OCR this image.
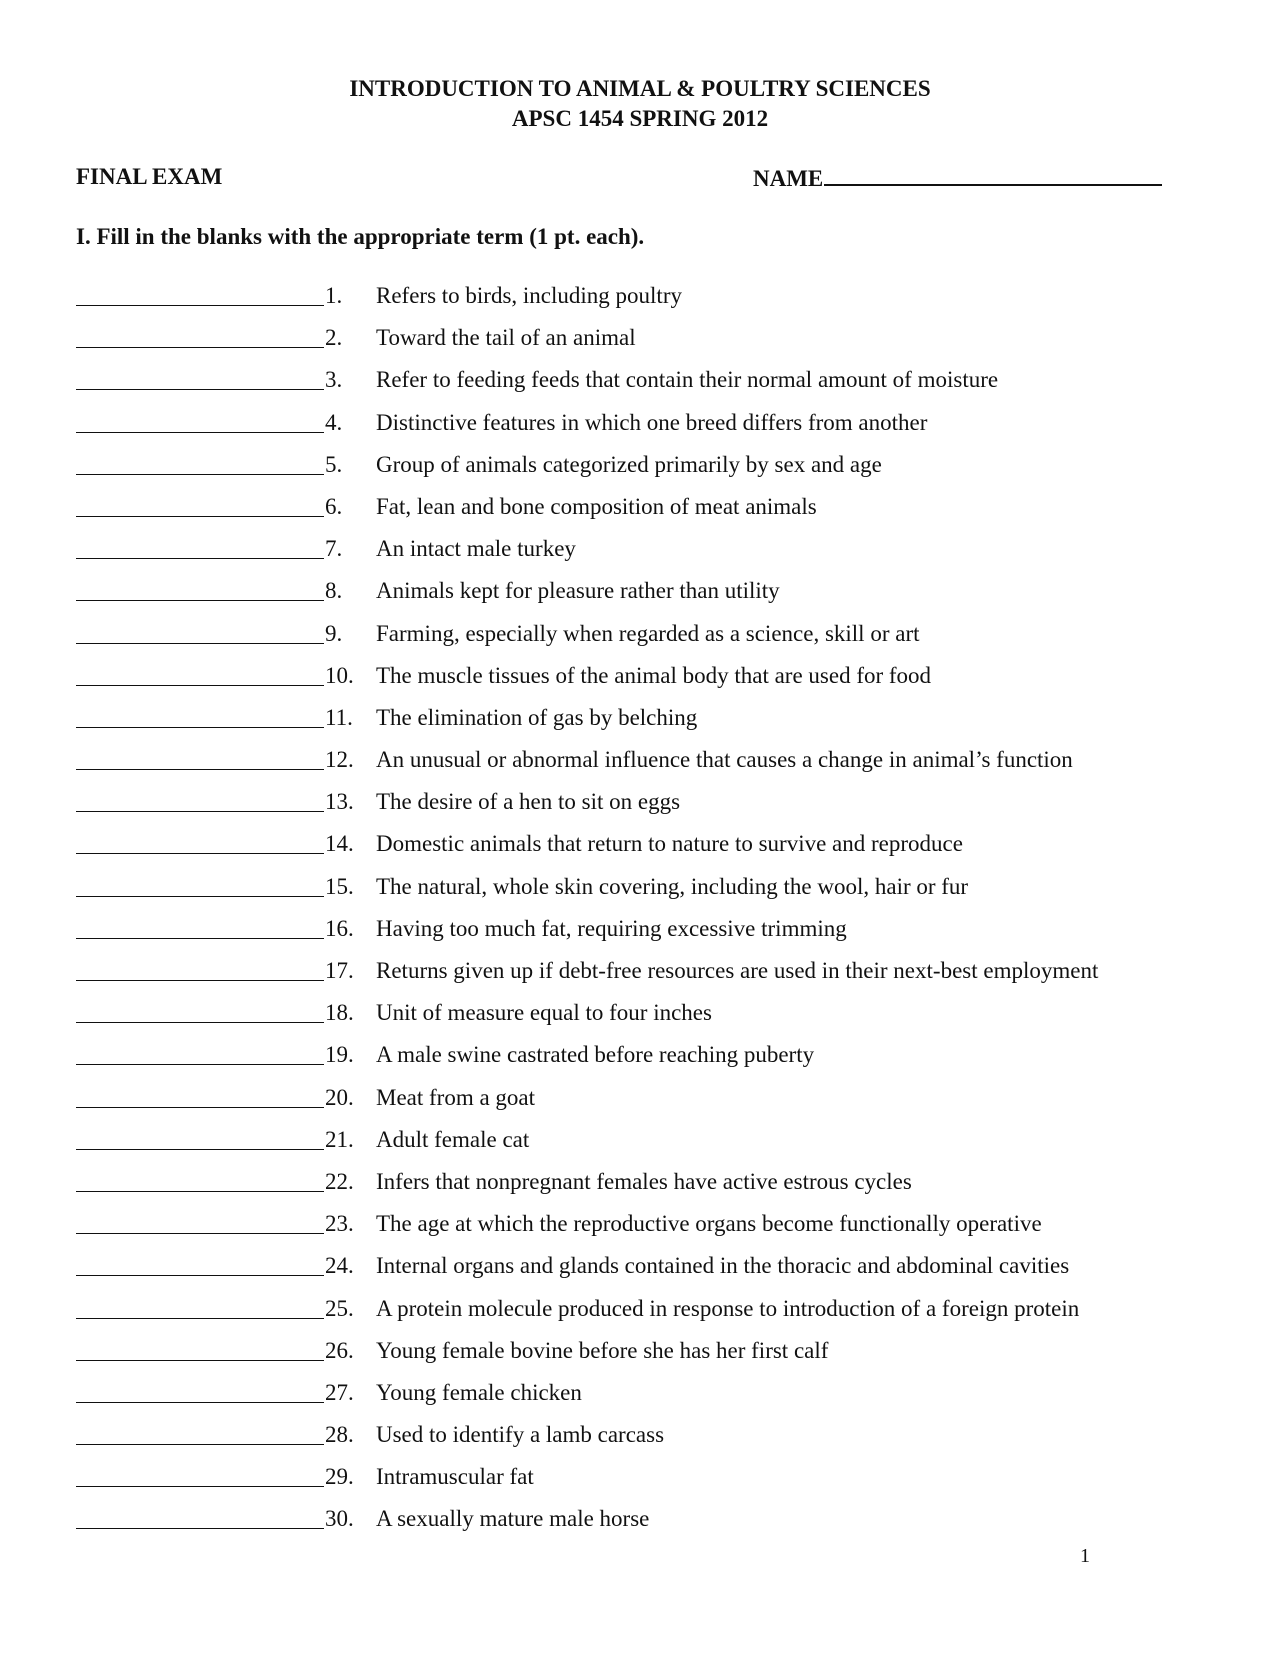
INTRODUCTION TO ANIMAL & POULTRY SCIENCES
APSC 1454 SPRING 2012
FINAL EXAM	NAME
I. Fill in the blanks with the appropriate term (1 pt. each).
1. Refers to birds, including poultry
2. Toward the tail of an animal
3. Refer to feeding feeds that contain their normal amount of moisture
4. Distinctive features in which one breed differs from another
5. Group of animals categorized primarily by sex and age
6. Fat, lean and bone composition of meat animals
7. An intact male turkey
8. Animals kept for pleasure rather than utility
9. Farming, especially when regarded as a science, skill or art
10. The muscle tissues of the animal body that are used for food
11. The elimination of gas by belching
12. An unusual or abnormal influence that causes a change in animal’s function
13. The desire of a hen to sit on eggs
14. Domestic animals that return to nature to survive and reproduce
15. The natural, whole skin covering, including the wool, hair or fur
16. Having too much fat, requiring excessive trimming
17. Returns given up if debt-free resources are used in their next-best employment
18. Unit of measure equal to four inches
19. A male swine castrated before reaching puberty
20. Meat from a goat
21. Adult female cat
22. Infers that nonpregnant females have active estrous cycles
23. The age at which the reproductive organs become functionally operative
24. Internal organs and glands contained in the thoracic and abdominal cavities
25. A protein molecule produced in response to introduction of a foreign protein
26. Young female bovine before she has her first calf
27. Young female chicken
28. Used to identify a lamb carcass
29. Intramuscular fat
30. A sexually mature male horse
1
